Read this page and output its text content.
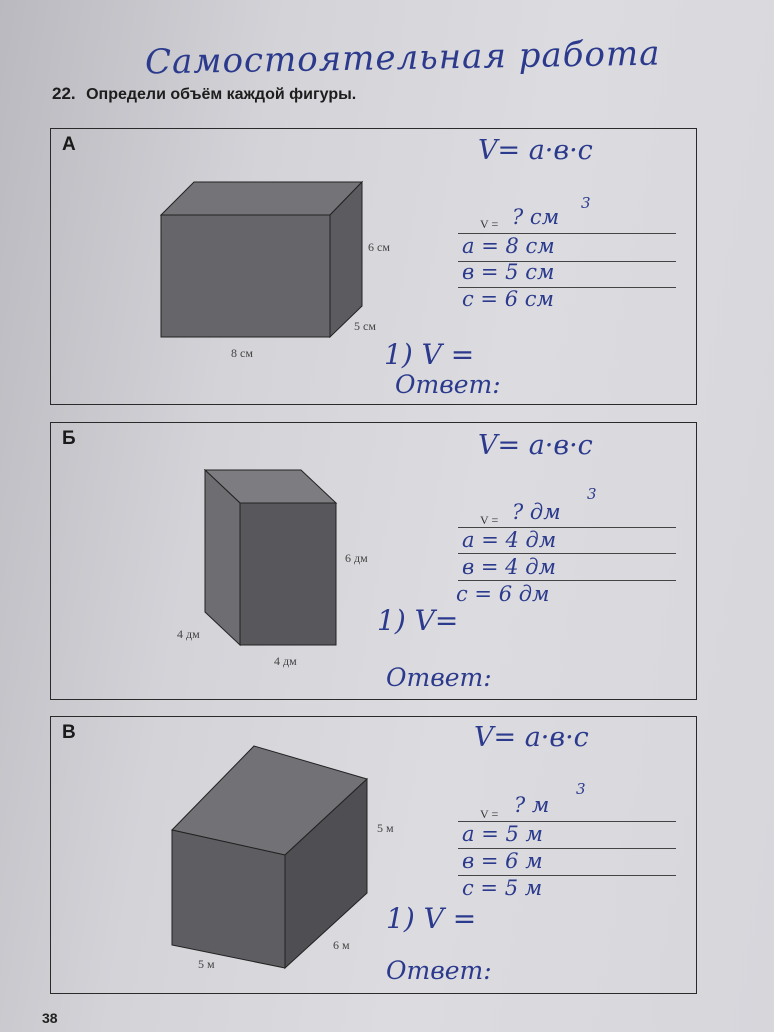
Самостоятельная работа
22. Определи объём каждой фигуры.
А
6 см
5 см
8 см
V= a·в·c
V = ? см
3
a = 8 см
в = 5 см
c = 6 см
1) V =
Ответ:
Б
6 дм
4 дм
4 дм
V= a·в·c
V = ? дм
3
a = 4 дм
в = 4 дм
c = 6 дм
1) V=
Ответ:
В
5 м
6 м
5 м
V= a·в·c
V = ? м
3
a = 5 м
в = 6 м
c = 5 м
1) V =
Ответ:
38
